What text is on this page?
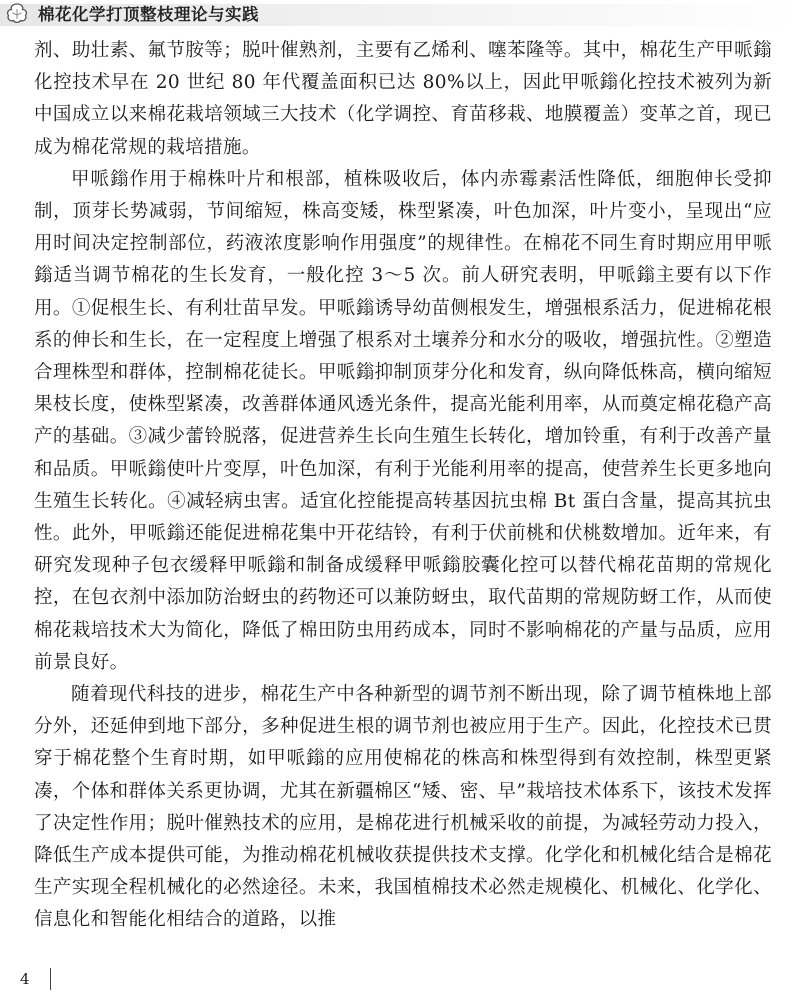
棉花化学打顶整枝理论与实践

剂、助壮素、氟节胺等；脱叶催熟剂，主要有乙烯利、噻苯隆等。其中，棉花生产甲哌鎓化控技术早在 20 世纪 80 年代覆盖面积已达 80%以上，因此甲哌鎓化控技术被列为新中国成立以来棉花栽培领域三大技术（化学调控、育苗移栽、地膜覆盖）变革之首，现已成为棉花常规的栽培措施。

甲哌鎓作用于棉株叶片和根部，植株吸收后，体内赤霉素活性降低，细胞伸长受抑制，顶芽长势减弱，节间缩短，株高变矮，株型紧凑，叶色加深，叶片变小，呈现出“应用时间决定控制部位，药液浓度影响作用强度”的规律性。在棉花不同生育时期应用甲哌鎓适当调节棉花的生长发育，一般化控 3～5 次。前人研究表明，甲哌鎓主要有以下作用。①促根生长、有利壮苗早发。甲哌鎓诱导幼苗侧根发生，增强根系活力，促进棉花根系的伸长和生长，在一定程度上增强了根系对土壤养分和水分的吸收，增强抗性。②塑造合理株型和群体，控制棉花徒长。甲哌鎓抑制顶芽分化和发育，纵向降低株高，横向缩短果枝长度，使株型紧凑，改善群体通风透光条件，提高光能利用率，从而奠定棉花稳产高产的基础。③减少蕾铃脱落，促进营养生长向生殖生长转化，增加铃重，有利于改善产量和品质。甲哌鎓使叶片变厚，叶色加深，有利于光能利用率的提高，使营养生长更多地向生殖生长转化。④减轻病虫害。适宜化控能提高转基因抗虫棉 Bt 蛋白含量，提高其抗虫性。此外，甲哌鎓还能促进棉花集中开花结铃，有利于伏前桃和伏桃数增加。近年来，有研究发现种子包衣缓释甲哌鎓和制备成缓释甲哌鎓胶囊化控可以替代棉花苗期的常规化控，在包衣剂中添加防治蚜虫的药物还可以兼防蚜虫，取代苗期的常规防蚜工作，从而使棉花栽培技术大为简化，降低了棉田防虫用药成本，同时不影响棉花的产量与品质，应用前景良好。

随着现代科技的进步，棉花生产中各种新型的调节剂不断出现，除了调节植株地上部分外，还延伸到地下部分，多种促进生根的调节剂也被应用于生产。因此，化控技术已贯穿于棉花整个生育时期，如甲哌鎓的应用使棉花的株高和株型得到有效控制，株型更紧凑，个体和群体关系更协调，尤其在新疆棉区“矮、密、早”栽培技术体系下，该技术发挥了决定性作用；脱叶催熟技术的应用，是棉花进行机械采收的前提，为减轻劳动力投入，降低生产成本提供可能，为推动棉花机械收获提供技术支撑。化学化和机械化结合是棉花生产实现全程机械化的必然途径。未来，我国植棉技术必然走规模化、机械化、化学化、信息化和智能化相结合的道路，以推

4
